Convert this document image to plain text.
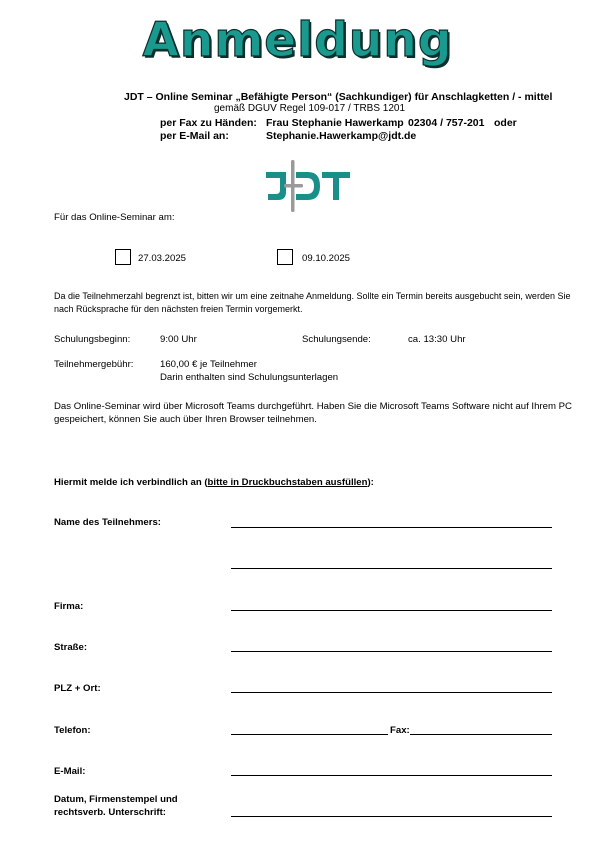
Anmeldung
JDT – Online Seminar „Befähigte Person“ (Sachkundiger) für Anschlagketten / - mittel
gemäß DGUV Regel 109-017 / TRBS 1201
per Fax zu Händen: Frau Stephanie Hawerkamp 02304 / 757-201 oder
per E-Mail an:	Stephanie.Hawerkamp@jdt.de
Für das Online-Seminar am:
27.03.2025	09.10.2025
Da die Teilnehmerzahl begrenzt ist, bitten wir um eine zeitnahe Anmeldung. Sollte ein Termin bereits ausgebucht sein, werden Sie nach Rücksprache für den nächsten freien Termin vorgemerkt.
Schulungsbeginn:	9:00 Uhr	Schulungsende:	ca. 13:30 Uhr
Teilnehmergebühr:	160,00 € je Teilnehmer
Darin enthalten sind Schulungsunterlagen
Das Online-Seminar wird über Microsoft Teams durchgeführt. Haben Sie die Microsoft Teams Software nicht auf Ihrem PC gespeichert, können Sie auch über Ihren Browser teilnehmen.
Hiermit melde ich verbindlich an (bitte in Druckbuchstaben ausfüllen):
Name des Teilnehmers:
Firma:
Straße:
PLZ + Ort:
Telefon:	Fax:
E-Mail:
Datum, Firmenstempel und
rechtsverb. Unterschrift:
